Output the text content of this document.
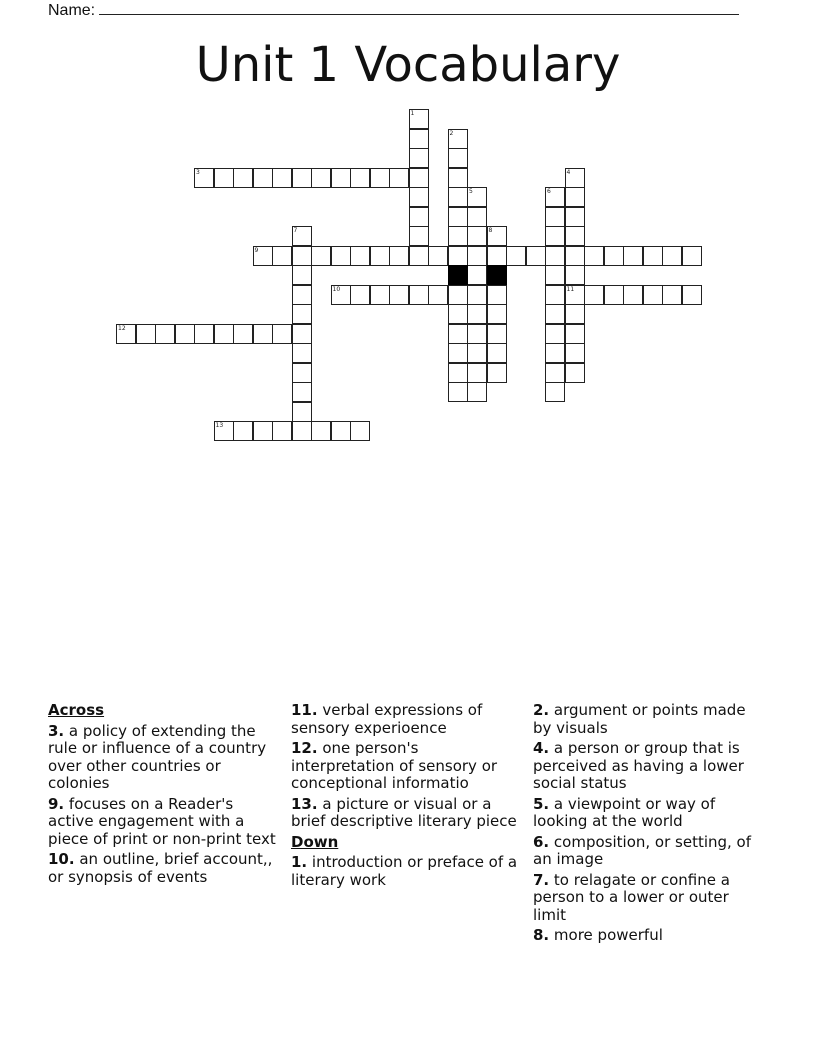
Name:
Unit 1 Vocabulary
1
2
3	4
11
5	6
7	8
9
10
12
13
Across
3. a policy of extending the rule or influence of a country over other countries or colonies
9. focuses on a Reader's active engagement with a piece of print or non-print text
10. an outline, brief account,, or synopsis of events
11. verbal expressions of sensory experioence
12. one person's interpretation of sensory or conceptional informatio
13. a picture or visual or a brief descriptive literary piece
Down
1. introduction or preface of a literary work
2. argument or points made by visuals
4. a person or group that is perceived as having a lower social status
5. a viewpoint or way of looking at the world
6. composition, or setting, of an image
7. to relagate or confine a person to a lower or outer limit
8. more powerful
